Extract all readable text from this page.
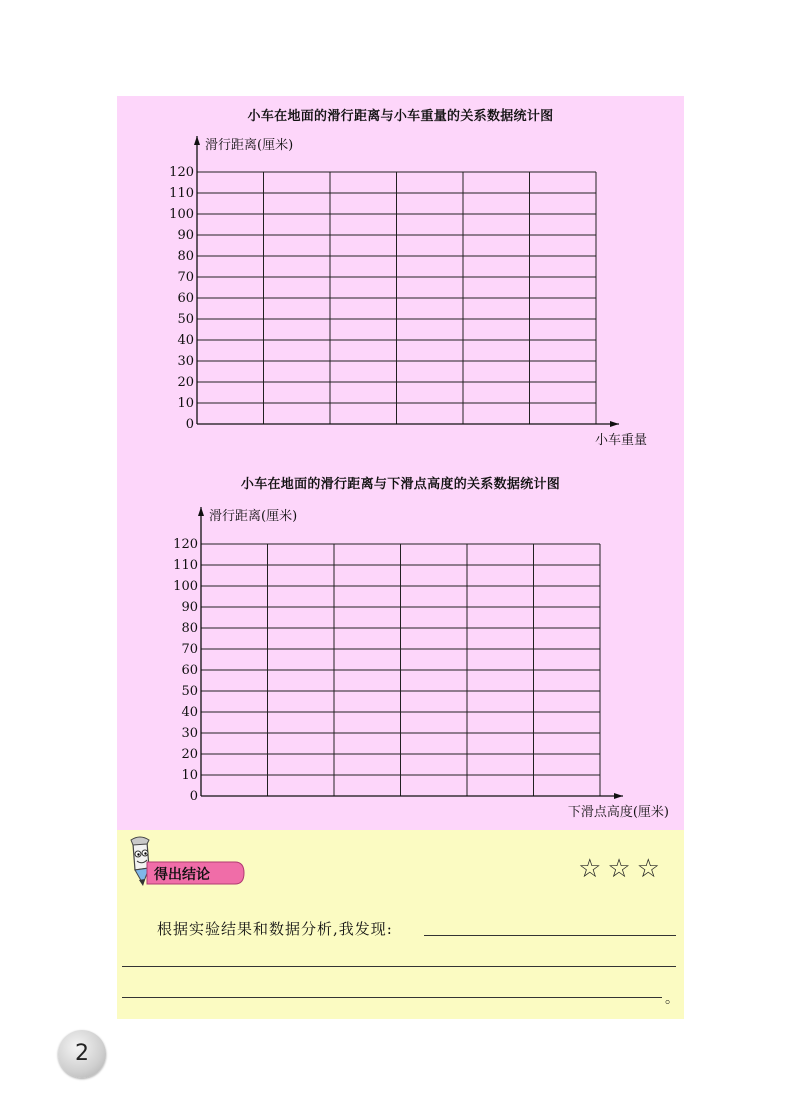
小车在地面的滑行距离与小车重量的关系数据统计图
0
10
20
30
40
50
60
70
80
90
100
110
120
滑行距离(厘米)
小车重量
小车在地面的滑行距离与下滑点高度的关系数据统计图
0
10
20
30
40
50
60
70
80
90
100
110
120
滑行距离(厘米)
下滑点高度(厘米)
得出结论	☆☆☆
根据实验结果和数据分析,我发现:
。
2
